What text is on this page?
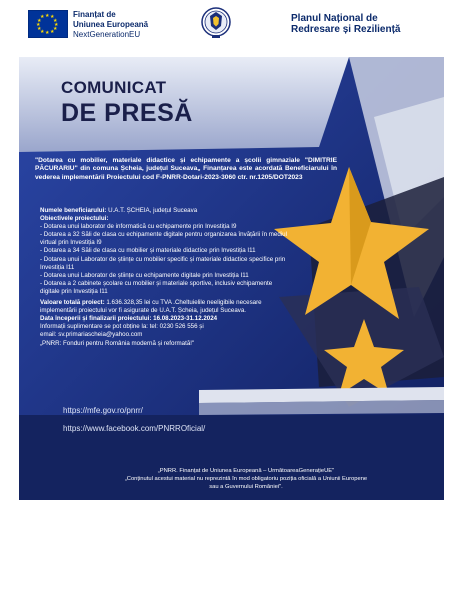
★ ★
★
★
★
★
★
★
★
★
★
★	Finanțat de
Uniunea Europeană
NextGenerationEU
Planul Național de
Redresare și Reziliență
COMUNICAT
DE PRESĂ
"Dotarea cu mobilier, materiale didactice și echipamente a școlii gimnaziale "DIMITRIE PĂCURARIU" din comuna Șcheia, județul Suceava„ Finanțarea este acordată Beneficiarului în vederea implementării Proiectului cod F-PNRR-Dotari-2023-3060 ctr. nr.1205/DOT2023

Numele beneficiarului: U.A.T. ȘCHEIA, județul Suceava

Obiectivele proiectului:

- Dotarea unui laborator de informatică cu echipamente prin Investiția I9

- Dotarea a 32 Săli de clasa cu echipamente digitale pentru organizarea învățării în mediul virtual prin Investiția I9

- Dotarea a 34 Săli de clasa cu mobilier și materiale didactice prin Investiția I11

- Dotarea unui Laborator de științe cu mobilier specific și materiale didactice specifice prin Investiția I11

- Dotarea unui Laborator de științe cu echipamente digitale prin Investiția I11

- Dotarea a 2 cabinete școlare cu mobilier și materiale sportive, inclusiv echipamente digitale prin Investiția I11

Valoare totală proiect: 1.636.328,35 lei cu TVA .Cheltuielile neeligibile necesare implementării proiectului vor fi asigurate de U.A.T. Șcheia, județul Suceava.

Data începerii și finalizarii proiectului: 16.08.2023-31.12.2024

Informații suplimentare se pot obține la: tel: 0230 526 556 și

email: sv.primariascheia@yahoo.com

„PNRR: Fonduri pentru România modernă și reformată!"

https://mfe.gov.ro/pnrr/
https://www.facebook.com/PNRROficial/
„PNRR. Finanțat de Uniunea Europeană – UrmătoareaGenerațieUE"
„Conținutul acestui material nu reprezintă în mod obligatoriu poziția oficială a Uniunii Europene sau a Guvernului României".
